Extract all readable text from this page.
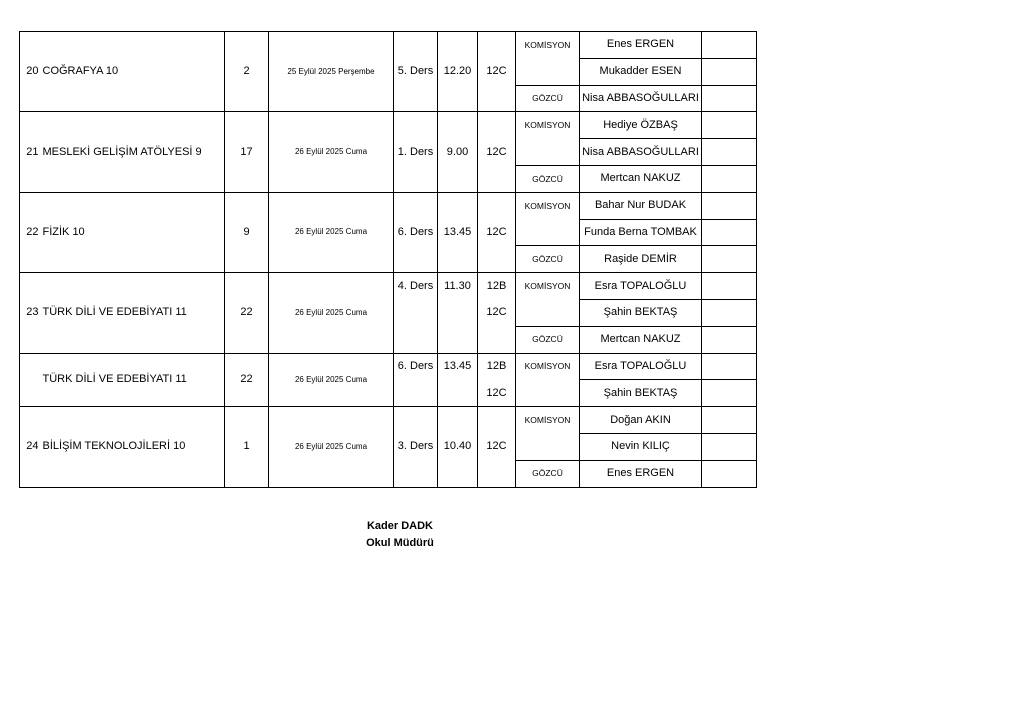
20	COĞRAFYA 10	2	25 Eylül 2025 Perşembe	5. Ders	12.20	12C	KOMİSYON	Enes ERGEN	
								Mukadder ESEN	
							GÖZCÜ	Nisa ABBASOĞULLARI	
21	MESLEKİ GELİŞİM ATÖLYESİ 9	17	26 Eylül 2025 Cuma	1. Ders	9.00	12C	KOMİSYON	Hediye ÖZBAŞ	
								Nisa ABBASOĞULLARI	
							GÖZCÜ	Mertcan NAKUZ	
22	FİZİK 10	9	26 Eylül 2025 Cuma	6. Ders	13.45	12C	KOMİSYON	Bahar Nur BUDAK	
								Funda Berna TOMBAK	
							GÖZCÜ	Raşide DEMİR	
23	TÜRK DİLİ VE EDEBİYATI 11	22	26 Eylül 2025 Cuma	4. Ders	11.30	12B	KOMİSYON	Esra TOPALOĞLU	
						12C		Şahin BEKTAŞ	
							GÖZCÜ	Mertcan NAKUZ	
	TÜRK DİLİ VE EDEBİYATI 11	22	26 Eylül 2025 Cuma	6. Ders	13.45	12B	KOMİSYON	Esra TOPALOĞLU	
						12C		Şahin BEKTAŞ	
24	BİLİŞİM TEKNOLOJİLERİ 10	1	26 Eylül 2025 Cuma	3. Ders	10.40	12C	KOMİSYON	Doğan AKIN	
								Nevin KILIÇ	
							GÖZCÜ	Enes ERGEN	
Kader DADK
Okul Müdürü
